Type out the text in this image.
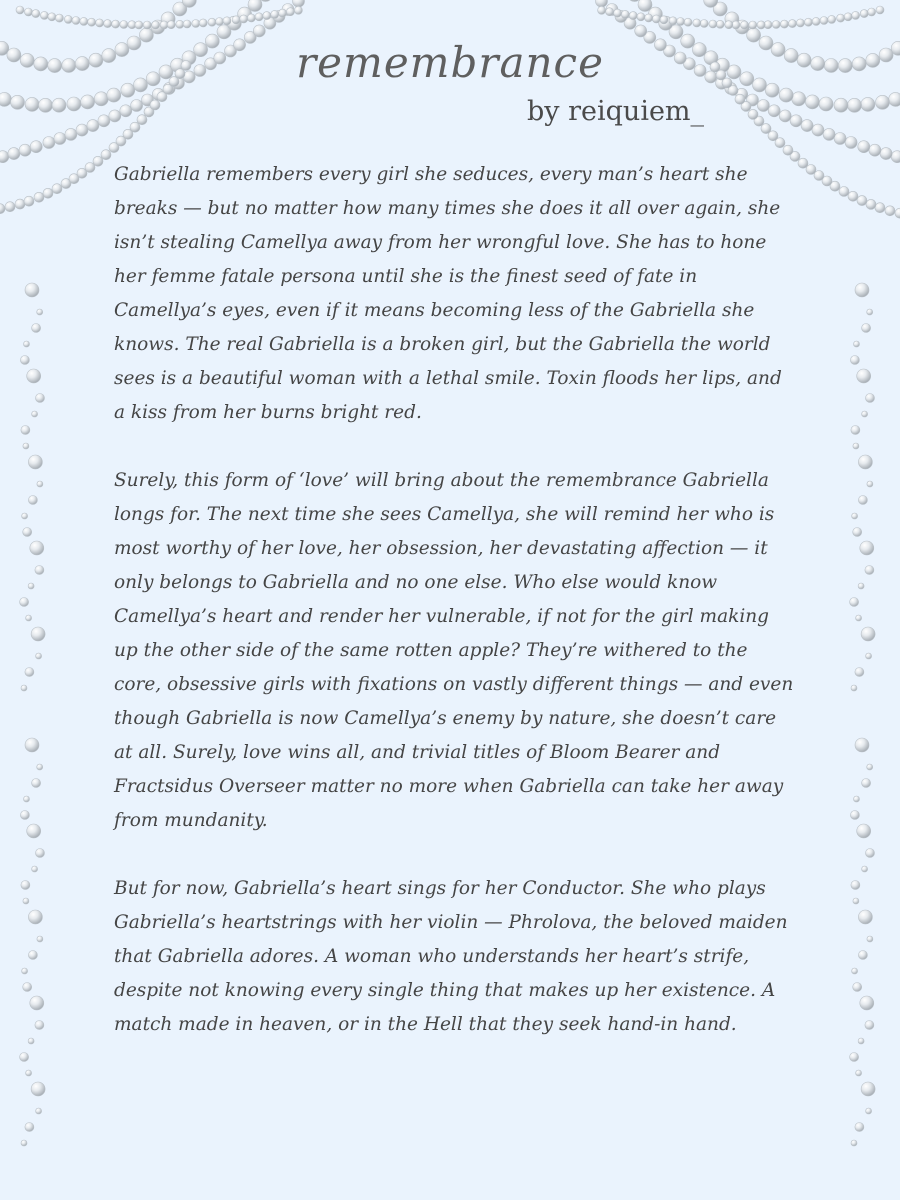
remembrance
by reiquiem_

Gabriella remembers every girl she seduces, every man’s heart she breaks — but no matter how many times she does it all over again, she isn’t stealing Camellya away from her wrongful love. She has to hone her femme fatale persona until she is the finest seed of fate in Camellya’s eyes, even if it means becoming less of the Gabriella she knows. The real Gabriella is a broken girl, but the Gabriella the world sees is a beautiful woman with a lethal smile. Toxin floods her lips, and a kiss from her burns bright red.

Surely, this form of ‘love’ will bring about the remembrance Gabriella longs for. The next time she sees Camellya, she will remind her who is most worthy of her love, her obsession, her devastating affection — it only belongs to Gabriella and no one else. Who else would know Camellya’s heart and render her vulnerable, if not for the girl making up the other side of the same rotten apple? They’re withered to the core, obsessive girls with fixations on vastly different things — and even though Gabriella is now Camellya’s enemy by nature, she doesn’t care at all. Surely, love wins all, and trivial titles of Bloom Bearer and Fractsidus Overseer matter no more when Gabriella can take her away from mundanity.

But for now, Gabriella’s heart sings for her Conductor. She who plays Gabriella’s heartstrings with her violin — Phrolova, the beloved maiden that Gabriella adores. A woman who understands her heart’s strife, despite not knowing every single thing that makes up her existence. A match made in heaven, or in the Hell that they seek hand-in hand.
